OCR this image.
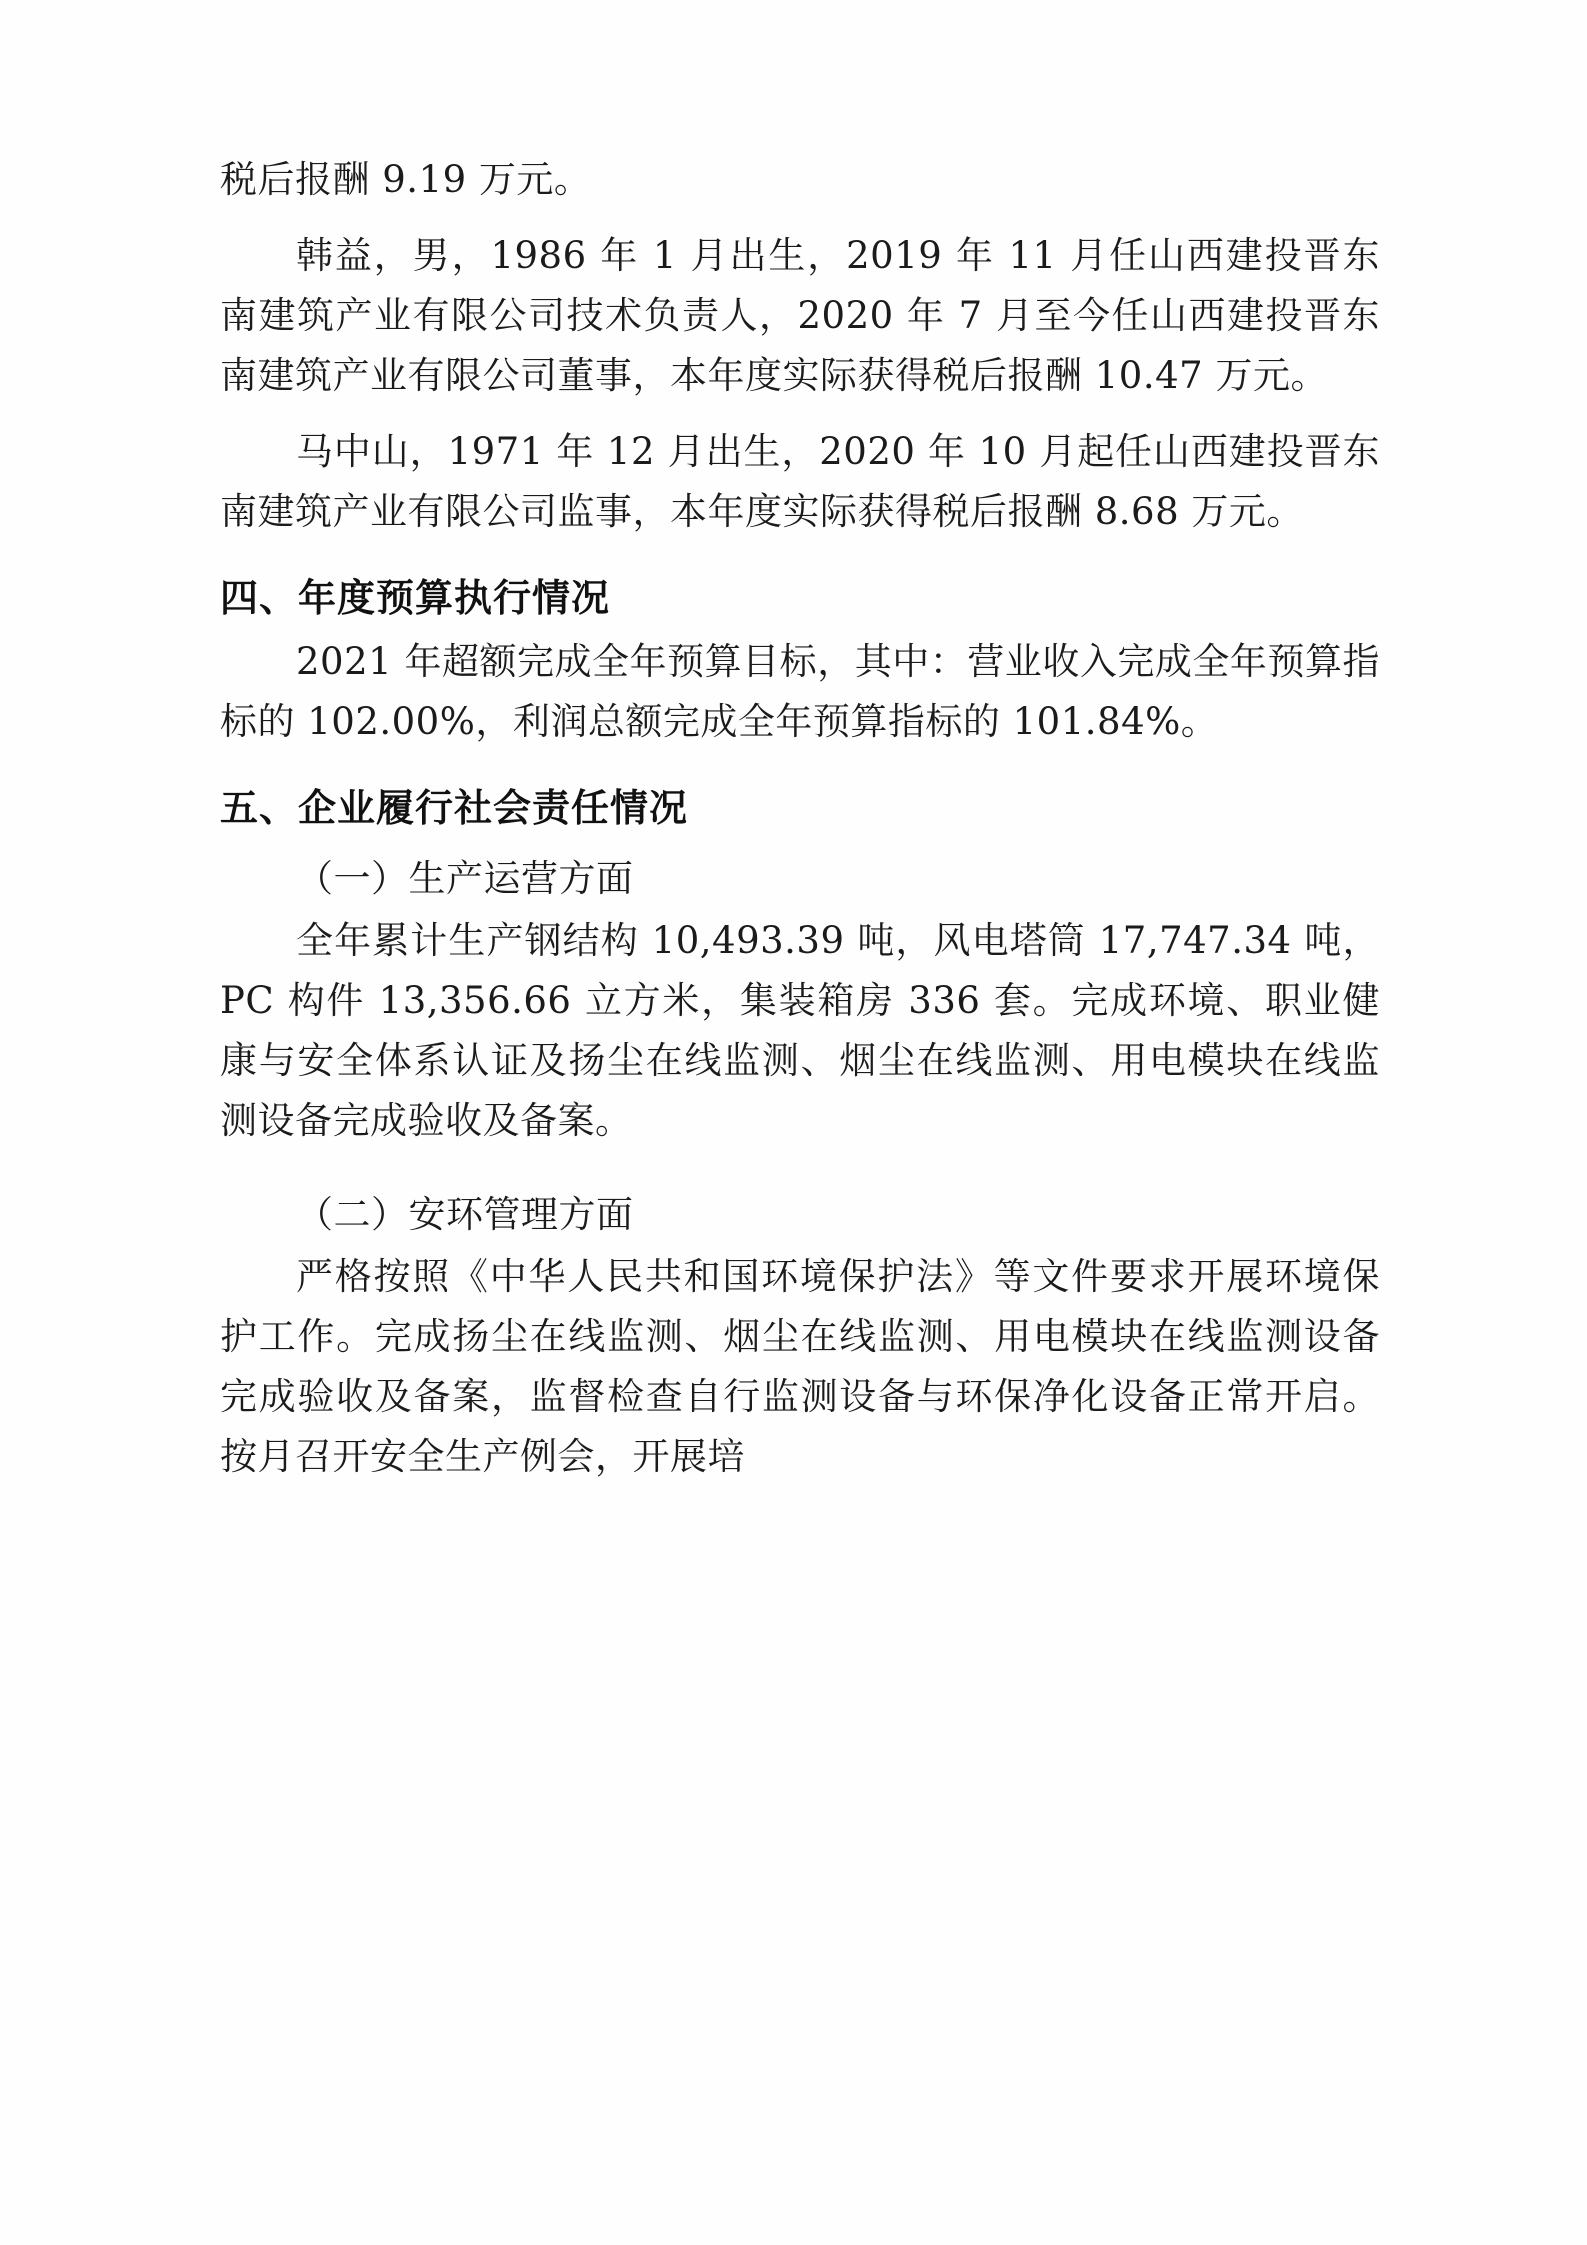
税后报酬 9.19 万元。

韩益，男，1986 年 1 月出生，2019 年 11 月任山西建投晋东南建筑产业有限公司技术负责人，2020 年 7 月至今任山西建投晋东南建筑产业有限公司董事，本年度实际获得税后报酬 10.47 万元。

马中山，1971 年 12 月出生，2020 年 10 月起任山西建投晋东南建筑产业有限公司监事，本年度实际获得税后报酬 8.68 万元。

四、年度预算执行情况

2021 年超额完成全年预算目标，其中：营业收入完成全年预算指标的 102.00%，利润总额完成全年预算指标的 101.84%。

五、企业履行社会责任情况
（一）生产运营方面

全年累计生产钢结构 10,493.39 吨，风电塔筒 17,747.34 吨，PC 构件 13,356.66 立方米，集装箱房 336 套。完成环境、职业健康与安全体系认证及扬尘在线监测、烟尘在线监测、用电模块在线监测设备完成验收及备案。

（二）安环管理方面

严格按照《中华人民共和国环境保护法》等文件要求开展环境保护工作。完成扬尘在线监测、烟尘在线监测、用电模块在线监测设备完成验收及备案，监督检查自行监测设备与环保净化设备正常开启。按月召开安全生产例会，开展培
